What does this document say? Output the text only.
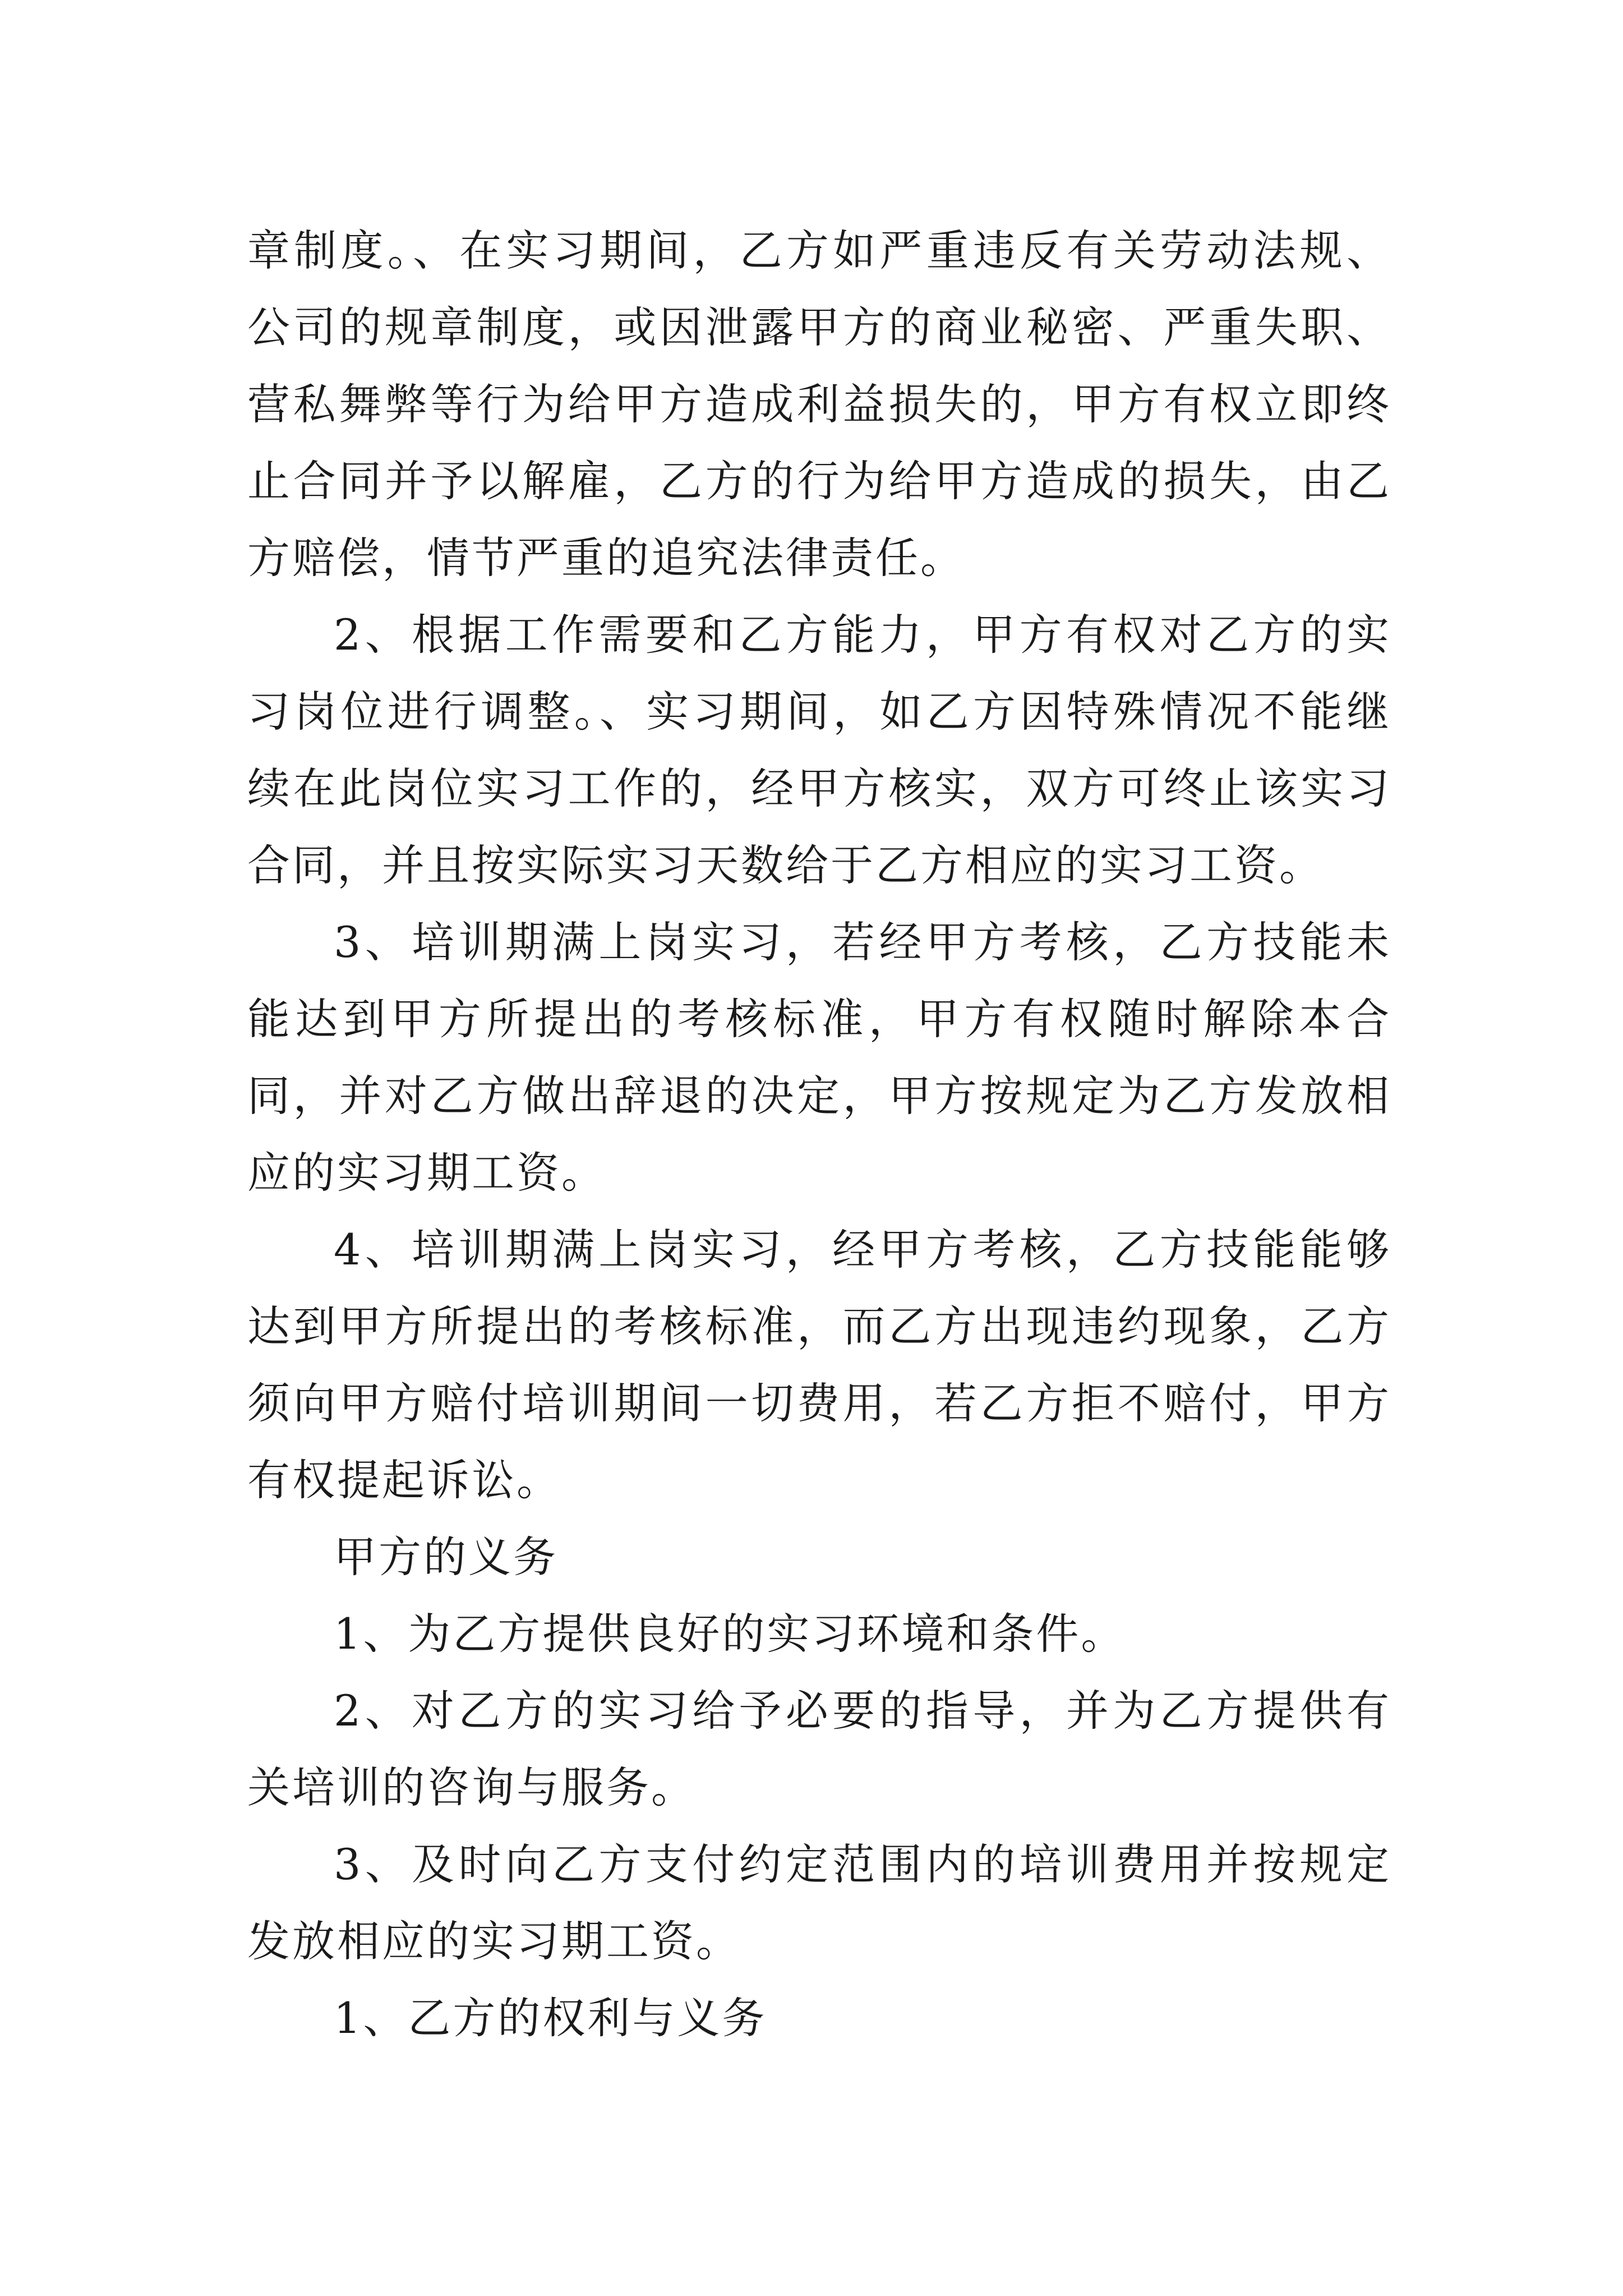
章制度。、在实习期间，乙方如严重违反有关劳动法规、公司的规章制度，或因泄露甲方的商业秘密、严重失职、营私舞弊等行为给甲方造成利益损失的，甲方有权立即终止合同并予以解雇，乙方的行为给甲方造成的损失，由乙方赔偿，情节严重的追究法律责任。

2、根据工作需要和乙方能力，甲方有权对乙方的实习岗位进行调整。、实习期间，如乙方因特殊情况不能继续在此岗位实习工作的，经甲方核实，双方可终止该实习合同，并且按实际实习天数给于乙方相应的实习工资。

3、培训期满上岗实习，若经甲方考核，乙方技能未能达到甲方所提出的考核标准，甲方有权随时解除本合同，并对乙方做出辞退的决定，甲方按规定为乙方发放相应的实习期工资。

4、培训期满上岗实习，经甲方考核，乙方技能能够达到甲方所提出的考核标准，而乙方出现违约现象，乙方须向甲方赔付培训期间一切费用，若乙方拒不赔付，甲方有权提起诉讼。

甲方的义务

1、为乙方提供良好的实习环境和条件。

2、对乙方的实习给予必要的指导，并为乙方提供有关培训的咨询与服务。

3、及时向乙方支付约定范围内的培训费用并按规定发放相应的实习期工资。

1、乙方的权利与义务
